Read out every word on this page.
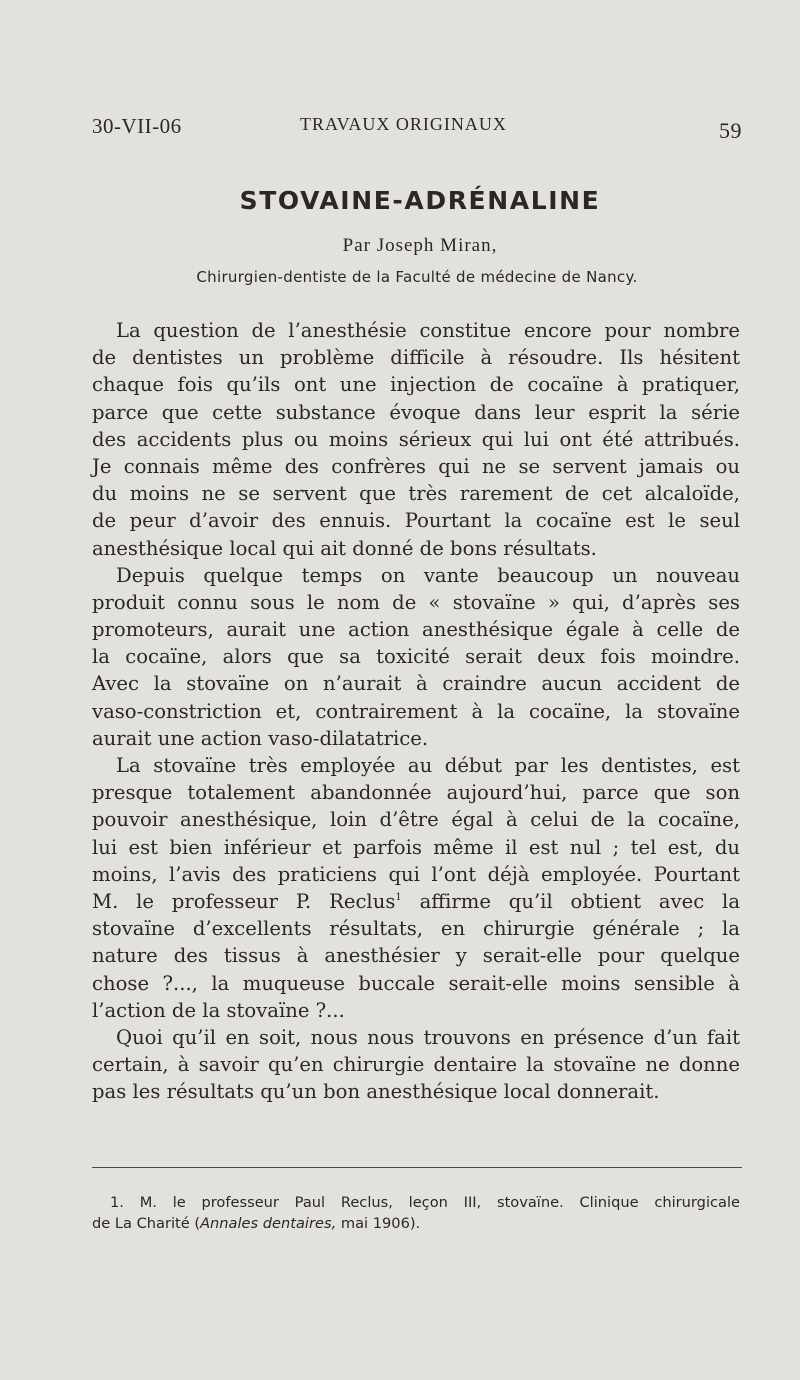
30-VII-06	TRAVAUX ORIGINAUX	59
STOVAINE-ADRÉNALINE
Par Joseph Miran,
Chirurgien-dentiste de la Faculté de médecine de Nancy.
La question de l’anesthésie constitue encore pour nombre
de dentistes un problème difficile à résoudre. Ils hésitent
chaque fois qu’ils ont une injection de cocaïne à pratiquer,
parce que cette substance évoque dans leur esprit la série
des accidents plus ou moins sérieux qui lui ont été attribués.
Je connais même des confrères qui ne se servent jamais ou
du moins ne se servent que très rarement de cet alcaloïde,
de peur d’avoir des ennuis. Pourtant la cocaïne est le seul
anesthésique local qui ait donné de bons résultats.
Depuis quelque temps on vante beaucoup un nouveau
produit connu sous le nom de « stovaïne » qui, d’après ses
promoteurs, aurait une action anesthésique égale à celle de
la cocaïne, alors que sa toxicité serait deux fois moindre.
Avec la stovaïne on n’aurait à craindre aucun accident de
vaso-constriction et, contrairement à la cocaïne, la stovaïne
aurait une action vaso-dilatatrice.
La stovaïne très employée au début par les dentistes, est
presque totalement abandonnée aujourd’hui, parce que son
pouvoir anesthésique, loin d’être égal à celui de la cocaïne,
lui est bien inférieur et parfois même il est nul ; tel est, du
moins, l’avis des praticiens qui l’ont déjà employée. Pourtant
M. le professeur P. Reclus$^1$ affirme qu’il obtient avec la
stovaïne d’excellents résultats, en chirurgie générale ; la
nature des tissus à anesthésier y serait-elle pour quelque
chose ?..., la muqueuse buccale serait-elle moins sensible à
l’action de la stovaïne ?...
Quoi qu’il en soit, nous nous trouvons en présence d’un fait
certain, à savoir qu’en chirurgie dentaire la stovaïne ne donne
pas les résultats qu’un bon anesthésique local donnerait.
1. M. le professeur Paul Reclus, leçon III, stovaïne. Clinique chirurgicale
de La Charité (Annales dentaires, mai 1906).
